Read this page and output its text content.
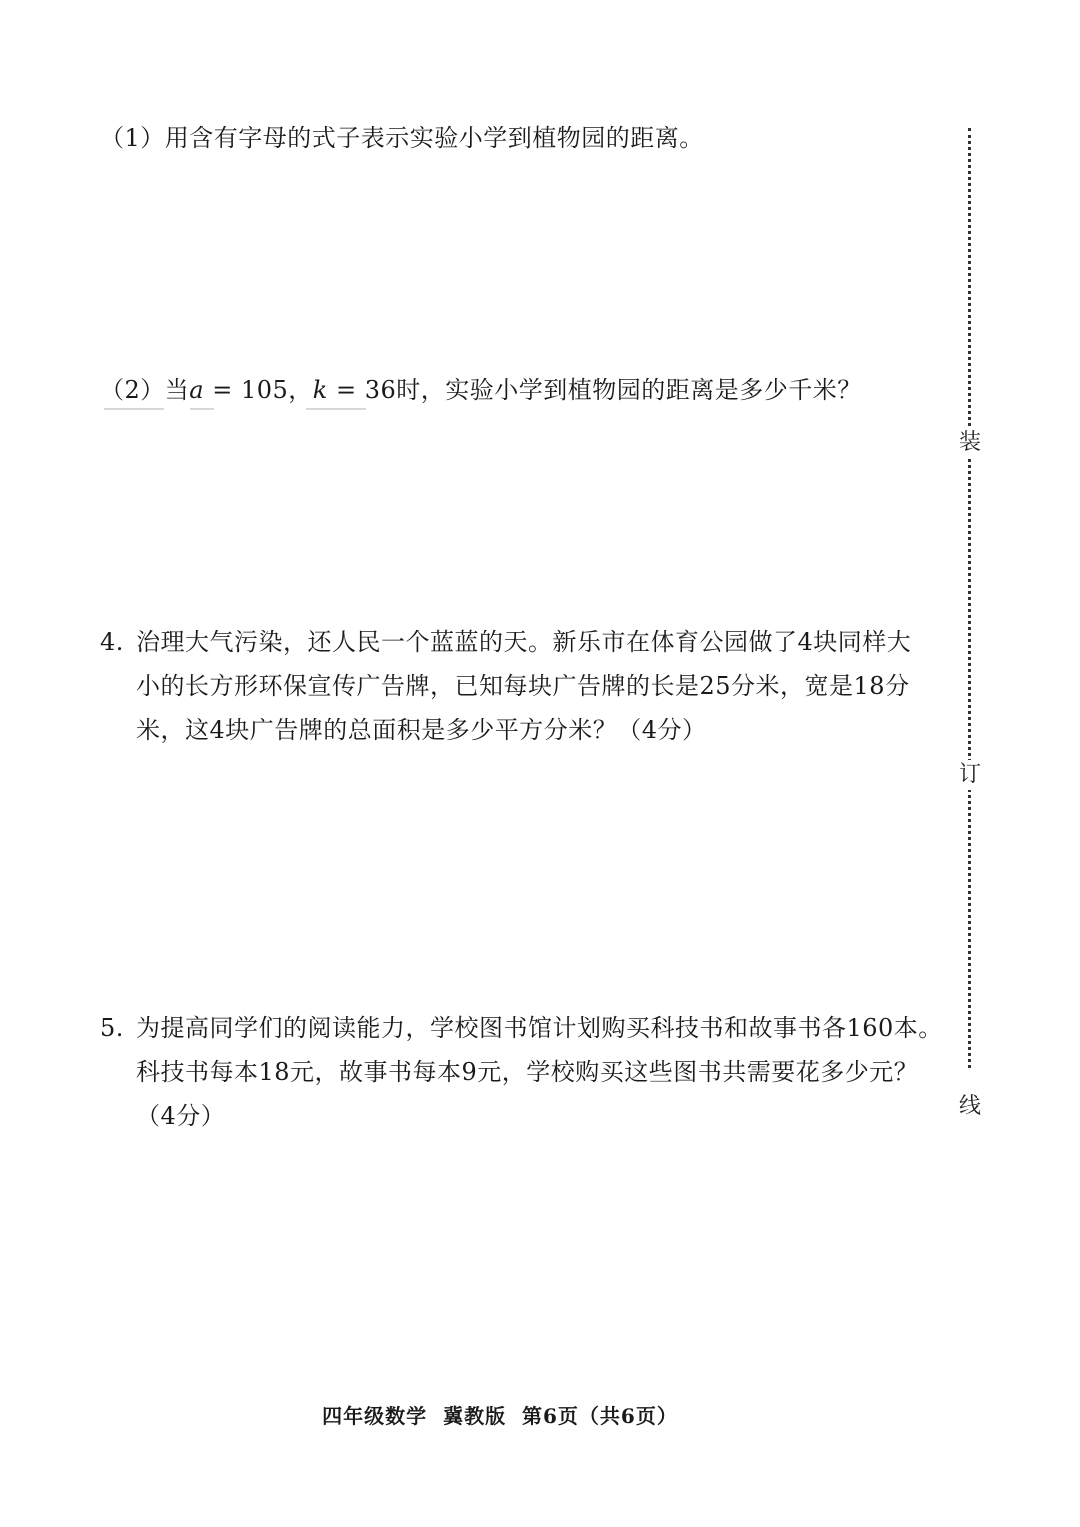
（1）用含有字母的式子表示实验小学到植物园的距离。
（2）当a = 105，k = 36时，实验小学到植物园的距离是多少千米？
4. 治理大气污染，还人民一个蓝蓝的天。新乐市在体育公园做了4块同样大
小的长方形环保宣传广告牌，已知每块广告牌的长是25分米，宽是18分
米，这4块广告牌的总面积是多少平方分米？（4分）
5. 为提高同学们的阅读能力，学校图书馆计划购买科技书和故事书各160本。
科技书每本18元，故事书每本9元，学校购买这些图书共需要花多少元？
（4分）
装
订
线
四年级数学  冀教版  第6页（共6页）
